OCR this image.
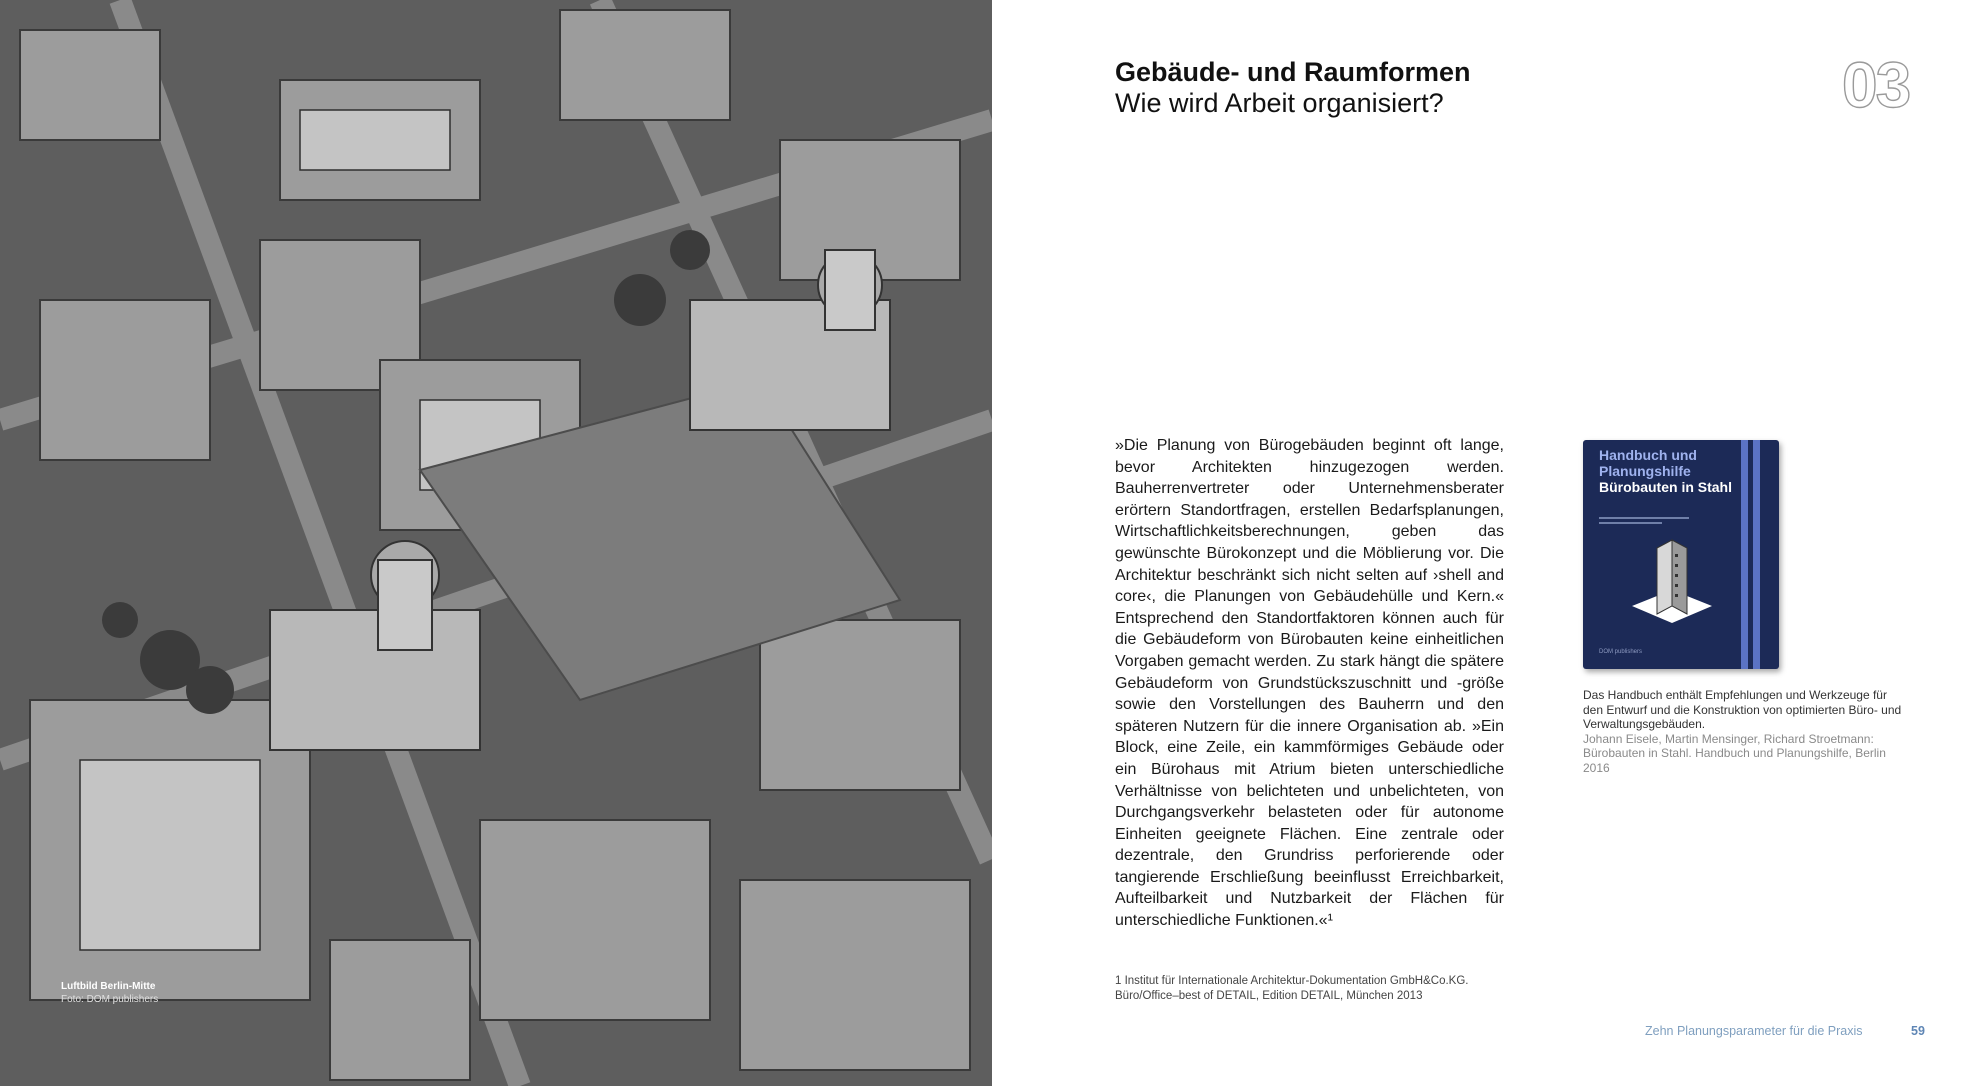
Luftbild Berlin-Mitte
Foto: DOM publishers
Gebäude- und Raumformen
Wie wird Arbeit organisiert?	03
»Die Planung von Bürogebäuden beginnt oft lange, bevor Architekten hinzugezogen werden. Bauherrenvertreter oder Unternehmensberater erörtern Standortfragen, erstellen Bedarfsplanungen, Wirtschaftlichkeitsberechnungen, geben das gewünschte Bürokonzept und die Möblierung vor. Die Architektur beschränkt sich nicht selten auf ›shell and core‹, die Planungen von Gebäudehülle und Kern.« Entsprechend den Standortfaktoren können auch für die Gebäudeform von Bürobauten keine einheitlichen Vorgaben gemacht werden. Zu stark hängt die spätere Gebäudeform von Grundstückszuschnitt und -größe sowie den Vorstellungen des Bauherrn und den späteren Nutzern für die innere Organisation ab. »Ein Block, eine Zeile, ein kammförmiges Gebäude oder ein Bürohaus mit Atrium bieten unterschiedliche Verhältnisse von belichteten und unbelichteten, von Durchgangsverkehr belasteten oder für autonome Einheiten geeignete Flächen. Eine zentrale oder dezentrale, den Grundriss perforierende oder tangierende Erschließung beeinflusst Erreichbarkeit, Aufteilbarkeit und Nutzbarkeit der Flächen für unterschiedliche Funktionen.«¹
1 Institut für Internationale Architektur-Dokumentation GmbH&Co.KG.
Büro/Office–best of DETAIL, Edition DETAIL, München 2013
Handbuch und Planungshilfe
Bürobauten in Stahl
DOM publishers
Das Handbuch enthält Empfehlungen und Werkzeuge für den Entwurf und die Konstruktion von optimierten Büro- und Verwaltungsgebäuden.
Johann Eisele, Martin Mensinger, Richard Stroetmann: Bürobauten in Stahl. Handbuch und Planungshilfe, Berlin 2016
Zehn Planungsparameter für die Praxis	59
